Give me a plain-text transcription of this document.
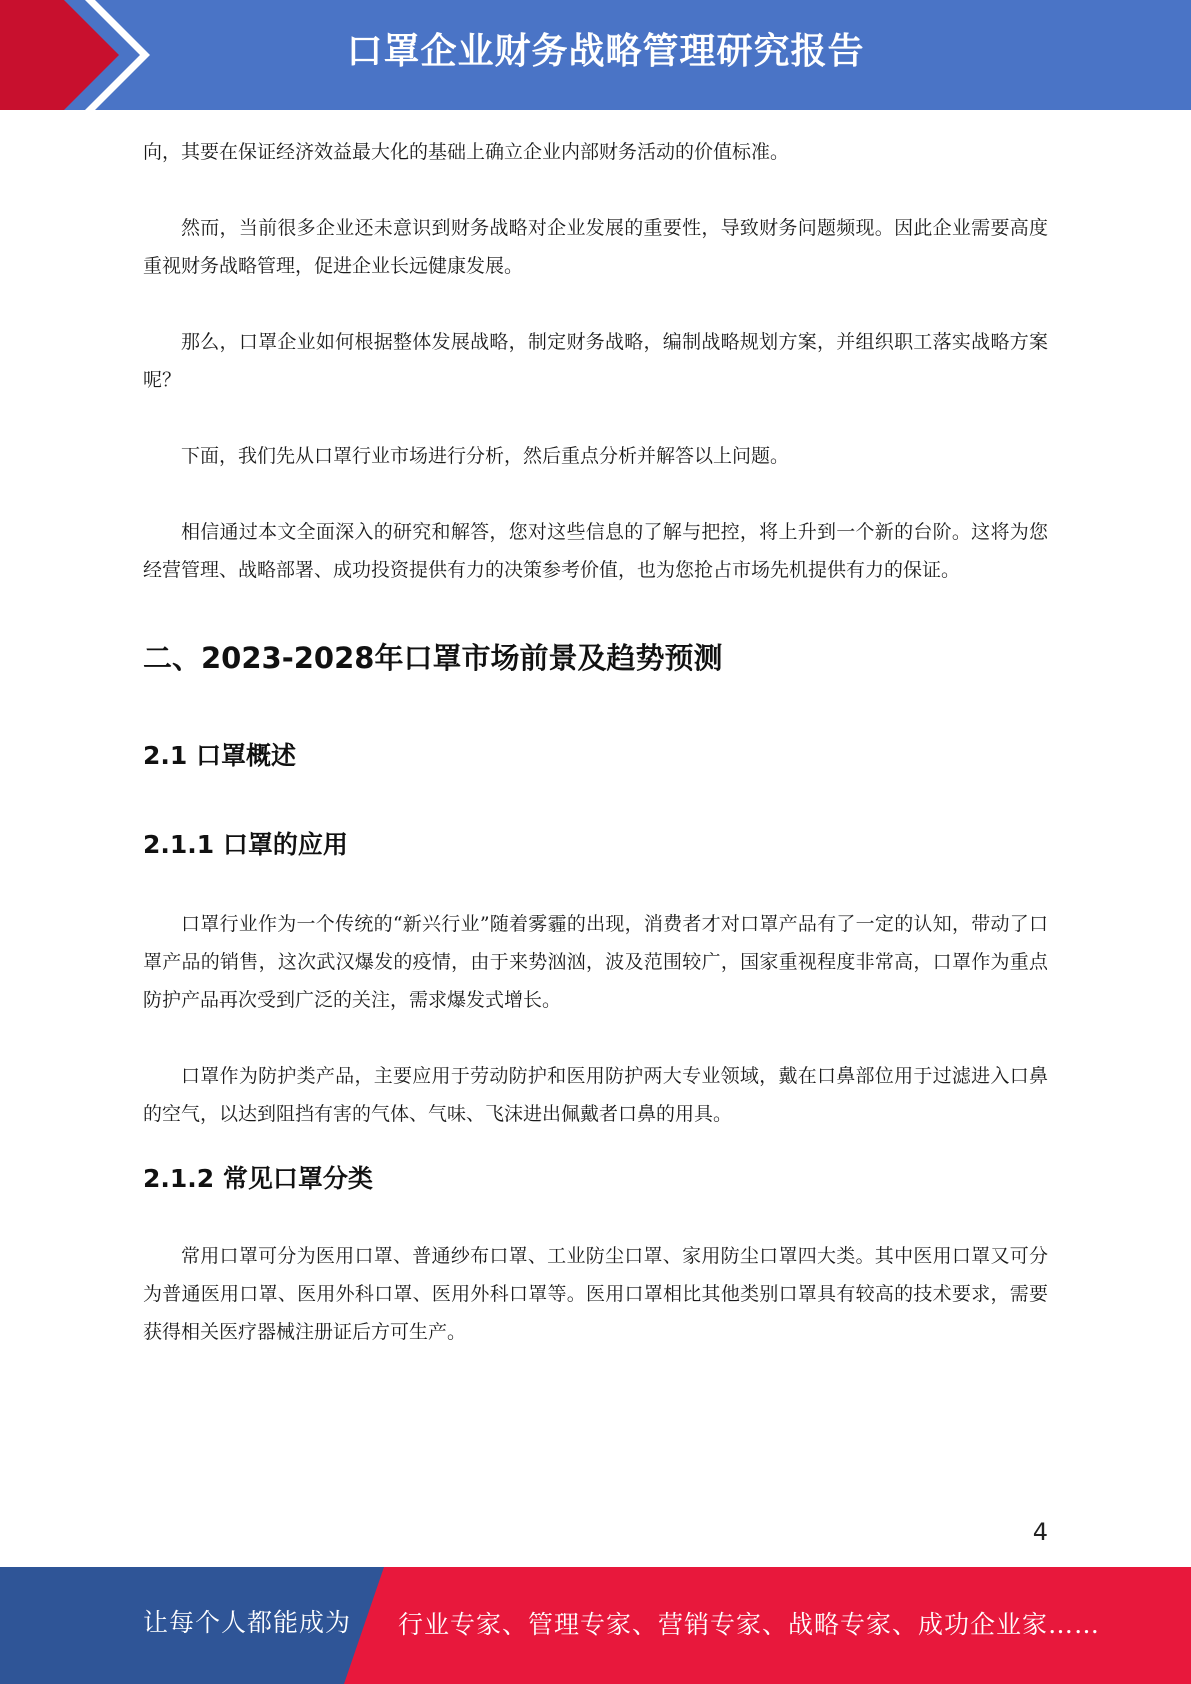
口罩企业财务战略管理研究报告

向，其要在保证经济效益最大化的基础上确立企业内部财务活动的价值标准。

然而，当前很多企业还未意识到财务战略对企业发展的重要性，导致财务问题频现。因此企业需要高度重视财务战略管理，促进企业长远健康发展。

那么，口罩企业如何根据整体发展战略，制定财务战略，编制战略规划方案，并组织职工落实战略方案呢？

下面，我们先从口罩行业市场进行分析，然后重点分析并解答以上问题。

相信通过本文全面深入的研究和解答，您对这些信息的了解与把控，将上升到一个新的台阶。这将为您经营管理、战略部署、成功投资提供有力的决策参考价值，也为您抢占市场先机提供有力的保证。

二、2023-2028年口罩市场前景及趋势预测
2.1 口罩概述
2.1.1 口罩的应用

口罩行业作为一个传统的“新兴行业”随着雾霾的出现，消费者才对口罩产品有了一定的认知，带动了口罩产品的销售，这次武汉爆发的疫情，由于来势汹汹，波及范围较广，国家重视程度非常高，口罩作为重点防护产品再次受到广泛的关注，需求爆发式增长。

口罩作为防护类产品，主要应用于劳动防护和医用防护两大专业领域，戴在口鼻部位用于过滤进入口鼻的空气，以达到阻挡有害的气体、气味、飞沫进出佩戴者口鼻的用具。

2.1.2 常见口罩分类

常用口罩可分为医用口罩、普通纱布口罩、工业防尘口罩、家用防尘口罩四大类。其中医用口罩又可分为普通医用口罩、医用外科口罩、医用外科口罩等。医用口罩相比其他类别口罩具有较高的技术要求，需要获得相关医疗器械注册证后方可生产。

4
让每个人都能成为 行业专家、管理专家、营销专家、战略专家、成功企业家……
